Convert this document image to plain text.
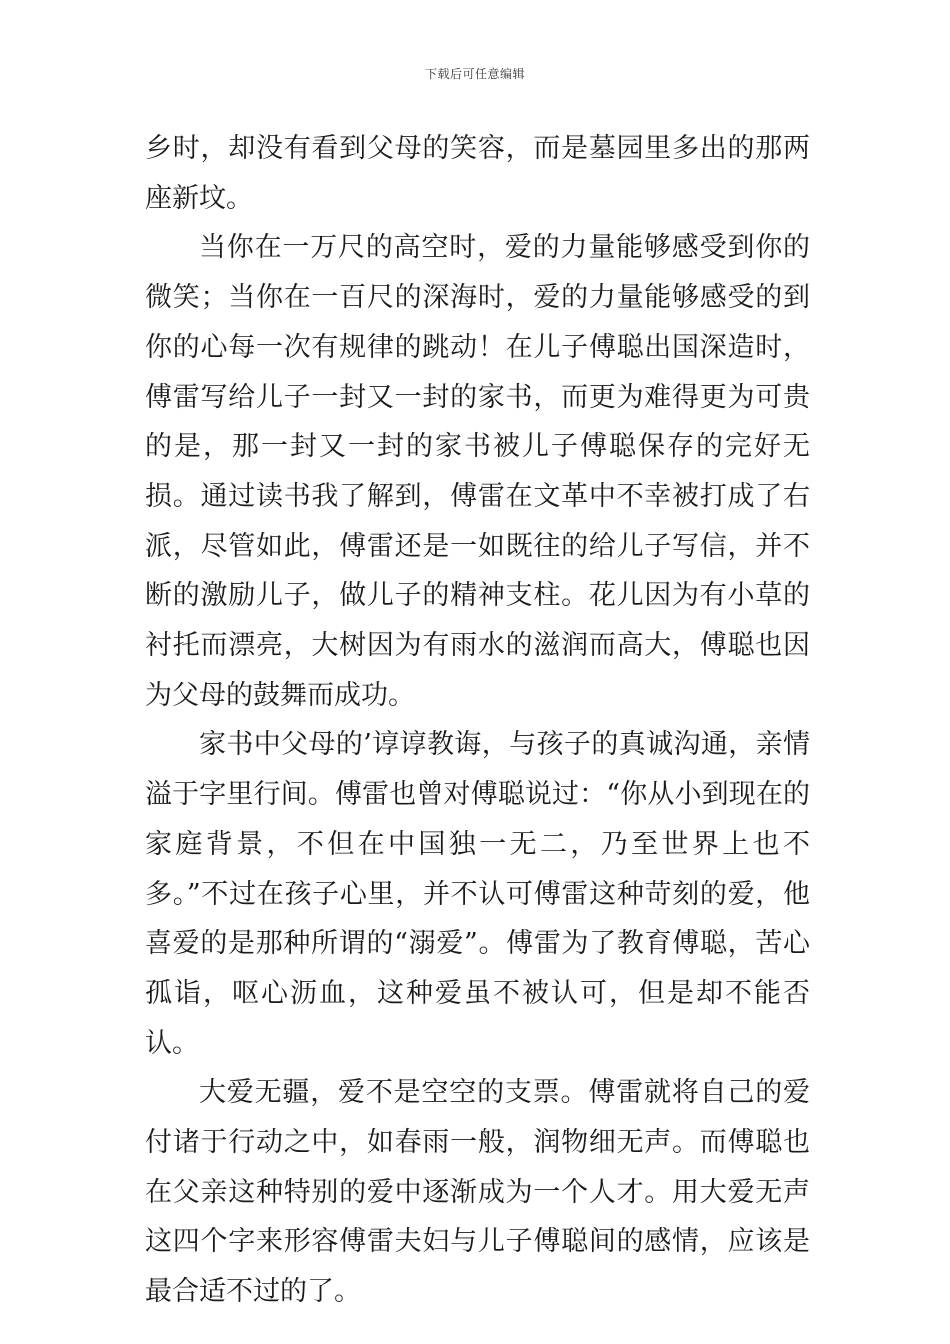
下载后可任意编辑

乡时，却没有看到父母的笑容，而是墓园里多出的那两座新坟。

当你在一万尺的高空时，爱的力量能够感受到你的微笑；当你在一百尺的深海时，爱的力量能够感受的到你的心每一次有规律的跳动！在儿子傅聪出国深造时，傅雷写给儿子一封又一封的家书，而更为难得更为可贵的是，那一封又一封的家书被儿子傅聪保存的完好无损。通过读书我了解到，傅雷在文革中不幸被打成了右派，尽管如此，傅雷还是一如既往的给儿子写信，并不断的激励儿子，做儿子的精神支柱。花儿因为有小草的衬托而漂亮，大树因为有雨水的滋润而高大，傅聪也因为父母的鼓舞而成功。

家书中父母的’谆谆教诲，与孩子的真诚沟通，亲情溢于字里行间。傅雷也曾对傅聪说过：“你从小到现在的家庭背景，不但在中国独一无二，乃至世界上也不多。”不过在孩子心里，并不认可傅雷这种苛刻的爱，他喜爱的是那种所谓的“溺爱”。傅雷为了教育傅聪，苦心孤诣，呕心沥血，这种爱虽不被认可，但是却不能否认。

大爱无疆，爱不是空空的支票。傅雷就将自己的爱付诸于行动之中，如春雨一般，润物细无声。而傅聪也在父亲这种特别的爱中逐渐成为一个人才。用大爱无声这四个字来形容傅雷夫妇与儿子傅聪间的感情，应该是最合适不过的了。
